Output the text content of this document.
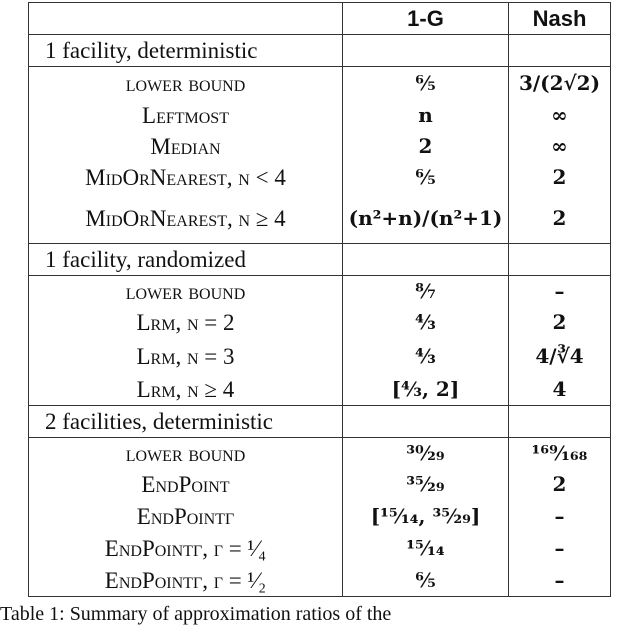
	1-G	Nash
1 facility, deterministic		
lower bound	⁶⁄₅	3/(2√2)
Leftmost	n	∞
Median	2	∞
MidOrNearest, n < 4	⁶⁄₅	2
MidOrNearest, n ≥ 4	(n²+n)/(n²+1)	2
1 facility, randomized		
lower bound	⁸⁄₇	–
Lrm, n = 2	⁴⁄₃	2
Lrm, n = 3	⁴⁄₃	4/∛4
Lrm, n ≥ 4	[⁴⁄₃, 2]	4
2 facilities, deterministic		
lower bound	³⁰⁄₂₉	¹⁶⁹⁄₁₆₈
EndPoint	³⁵⁄₂₉	2
EndPointγ	[¹⁵⁄₁₄, ³⁵⁄₂₉]	–
EndPointγ, γ = ¹⁄₄	¹⁵⁄₁₄	–
EndPointγ, γ = ¹⁄₂	⁶⁄₅	–
Table 1: Summary of approximation ratios of the
